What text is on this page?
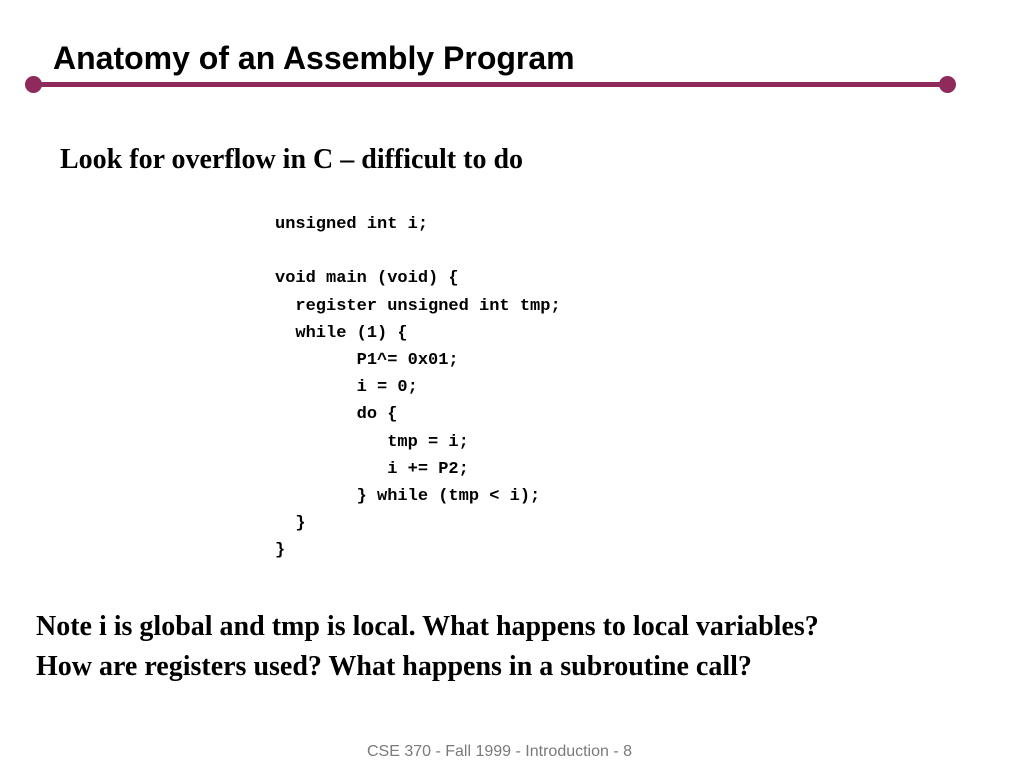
Anatomy of an Assembly Program
Look for overflow in C – difficult to do
unsigned int i;
void main (void) {
register unsigned int tmp;
while (1) {
P1^= 0x01;
i = 0;
do {
tmp = i;
i += P2;
} while (tmp < i);
}
}

Note i is global and tmp is local. What happens to local variables?
How are registers used? What happens in a subroutine call?

CSE 370 - Fall 1999 - Introduction - 8
